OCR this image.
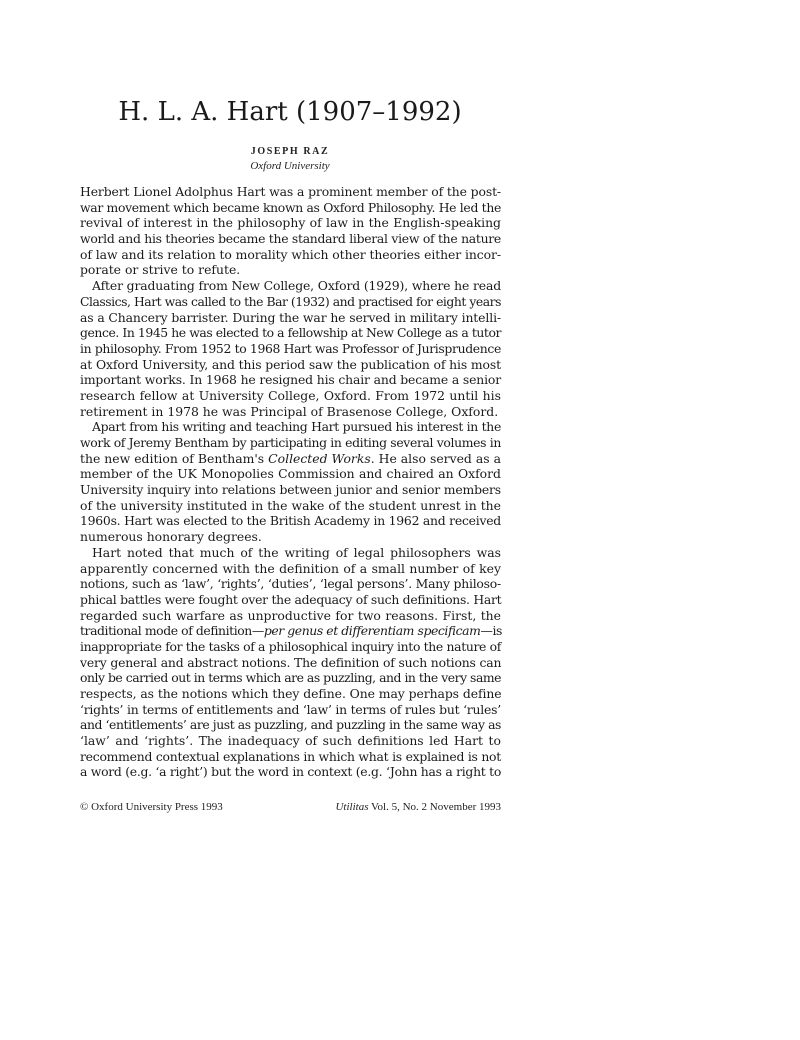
H. L. A. Hart (1907–1992)
JOSEPH RAZ
Oxford University
Herbert Lionel Adolphus Hart was a prominent member of the post-
war movement which became known as Oxford Philosophy. He led the
revival of interest in the philosophy of law in the English-speaking
world and his theories became the standard liberal view of the nature
of law and its relation to morality which other theories either incor-
porate or strive to refute.
After graduating from New College, Oxford (1929), where he read
Classics, Hart was called to the Bar (1932) and practised for eight years
as a Chancery barrister. During the war he served in military intelli-
gence. In 1945 he was elected to a fellowship at New College as a tutor
in philosophy. From 1952 to 1968 Hart was Professor of Jurisprudence
at Oxford University, and this period saw the publication of his most
important works. In 1968 he resigned his chair and became a senior
research fellow at University College, Oxford. From 1972 until his
retirement in 1978 he was Principal of Brasenose College, Oxford.
Apart from his writing and teaching Hart pursued his interest in the
work of Jeremy Bentham by participating in editing several volumes in
the new edition of Bentham's Collected Works. He also served as a
member of the UK Monopolies Commission and chaired an Oxford
University inquiry into relations between junior and senior members
of the university instituted in the wake of the student unrest in the
1960s. Hart was elected to the British Academy in 1962 and received
numerous honorary degrees.
Hart noted that much of the writing of legal philosophers was
apparently concerned with the definition of a small number of key
notions, such as ‘law’, ‘rights’, ‘duties’, ‘legal persons’. Many philoso-
phical battles were fought over the adequacy of such definitions. Hart
regarded such warfare as unproductive for two reasons. First, the
traditional mode of definition—per genus et differentiam specificam—is
inappropriate for the tasks of a philosophical inquiry into the nature of
very general and abstract notions. The definition of such notions can
only be carried out in terms which are as puzzling, and in the very same
respects, as the notions which they define. One may perhaps define
‘rights’ in terms of entitlements and ‘law’ in terms of rules but ‘rules’
and ‘entitlements’ are just as puzzling, and puzzling in the same way as
‘law’ and ‘rights’. The inadequacy of such definitions led Hart to
recommend contextual explanations in which what is explained is not
a word (e.g. ‘a right’) but the word in context (e.g. ‘John has a right to
© Oxford University Press 1993	Utilitas Vol. 5, No. 2 November 1993
